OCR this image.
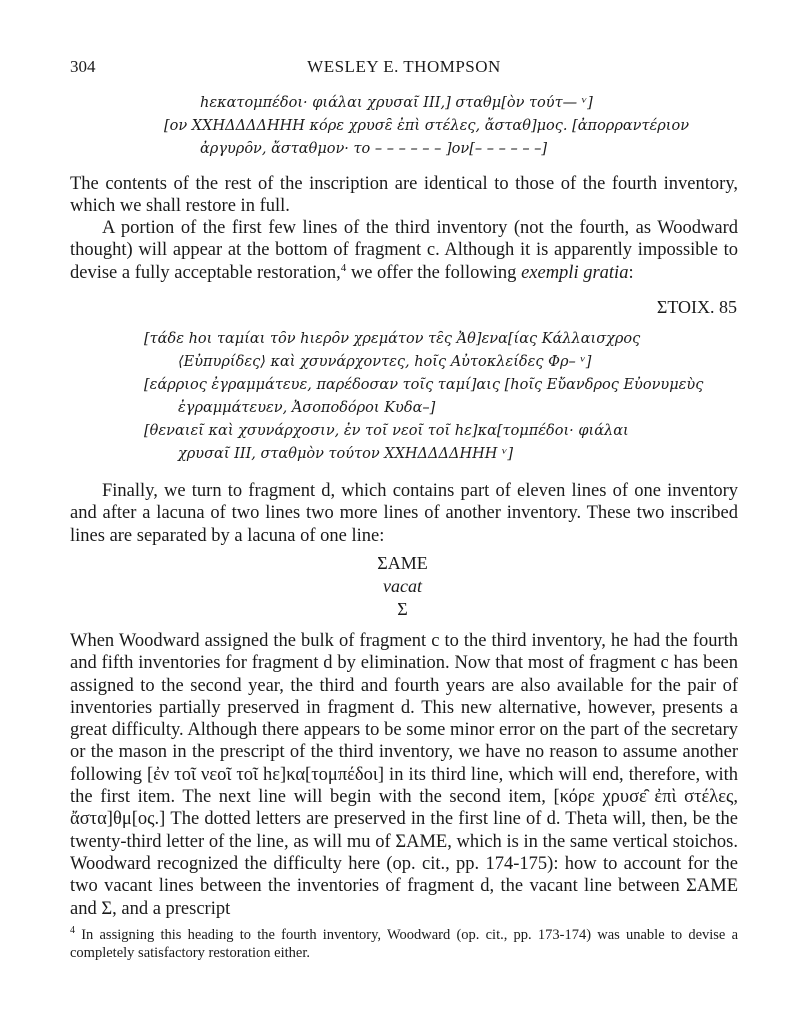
304	WESLEY E. THOMPSON
hεκατομπέδοι· φιάλαι χρυσαῖ ΙΙΙ,] σταθμ[ὸν τούτ— ᵛ]
[ον ΧΧΗΔΔΔΔΗΗΗ κόρε χρυσε̑ ἐπὶ στέλες, ἄσταθ]μος. [ἀπορραντέριον
ἀργυρο̑ν, ἄσταθμον· το – – – – – – ]ον[– – – – – –]
The contents of the rest of the inscription are identical to those of the fourth inventory, which we shall restore in full.
A portion of the first few lines of the third inventory (not the fourth, as Woodward thought) will appear at the bottom of fragment c. Although it is apparently impossible to devise a fully acceptable restoration,$^4$ we offer the following exempli gratia:
ΣΤΟΙΧ. 85
[τάδε hοι ταμίαι το̑ν hιερο̑ν χρεμάτον τε̑ς Ἀθ]ενα[ίας Κάλλαισχρος
⟨Εὐπυρίδες⟩ καὶ χσυνάρχοντες, hοῖς Αὐτοκλείδες Φρ– ᵛ]
[εάρριος ἐγραμμάτευε, παρέδοσαν τοῖς ταμί]αις [hοῖς Εὔανδρος Εὐονυμεὺς
ἐγραμμάτευεν, Ἀσοποδόροι Κυδα–]
[θεναιεῖ καὶ χσυνάρχοσιν, ἐν τοῖ νεοῖ τοῖ hε]κα[τομπέδοι· φιάλαι
χρυσαῖ ΙΙΙ, σταθμὸν τούτον ΧΧΗΔΔΔΔΗΗΗ ᵛ]
Finally, we turn to fragment d, which contains part of eleven lines of one inventory and after a lacuna of two lines two more lines of another inventory. These two inscribed lines are separated by a lacuna of one line:
ΣΑΜΕ
vacat
Σ
When Woodward assigned the bulk of fragment c to the third inventory, he had the fourth and fifth inventories for fragment d by elimination. Now that most of fragment c has been assigned to the second year, the third and fourth years are also available for the pair of inventories partially preserved in fragment d. This new alternative, however, presents a great difficulty. Although there appears to be some minor error on the part of the secretary or the mason in the prescript of the third inventory, we have no reason to assume another following [ἐν τοῖ νεοῖ τοῖ hε]κα[τομπέδοι] in its third line, which will end, therefore, with the first item. The next line will begin with the second item, [κόρε χρυσε̑ ἐπὶ στέλες, ἄστα]θμ[ος.] The dotted letters are preserved in the first line of d. Theta will, then, be the twenty-third letter of the line, as will mu of ΣΑΜΕ, which is in the same vertical stoichos. Woodward recognized the difficulty here (op. cit., pp. 174-175): how to account for the two vacant lines between the inventories of fragment d, the vacant line between ΣΑΜΕ and Σ, and a prescript
$^4$ In assigning this heading to the fourth inventory, Woodward (op. cit., pp. 173-174) was unable to devise a completely satisfactory restoration either.
